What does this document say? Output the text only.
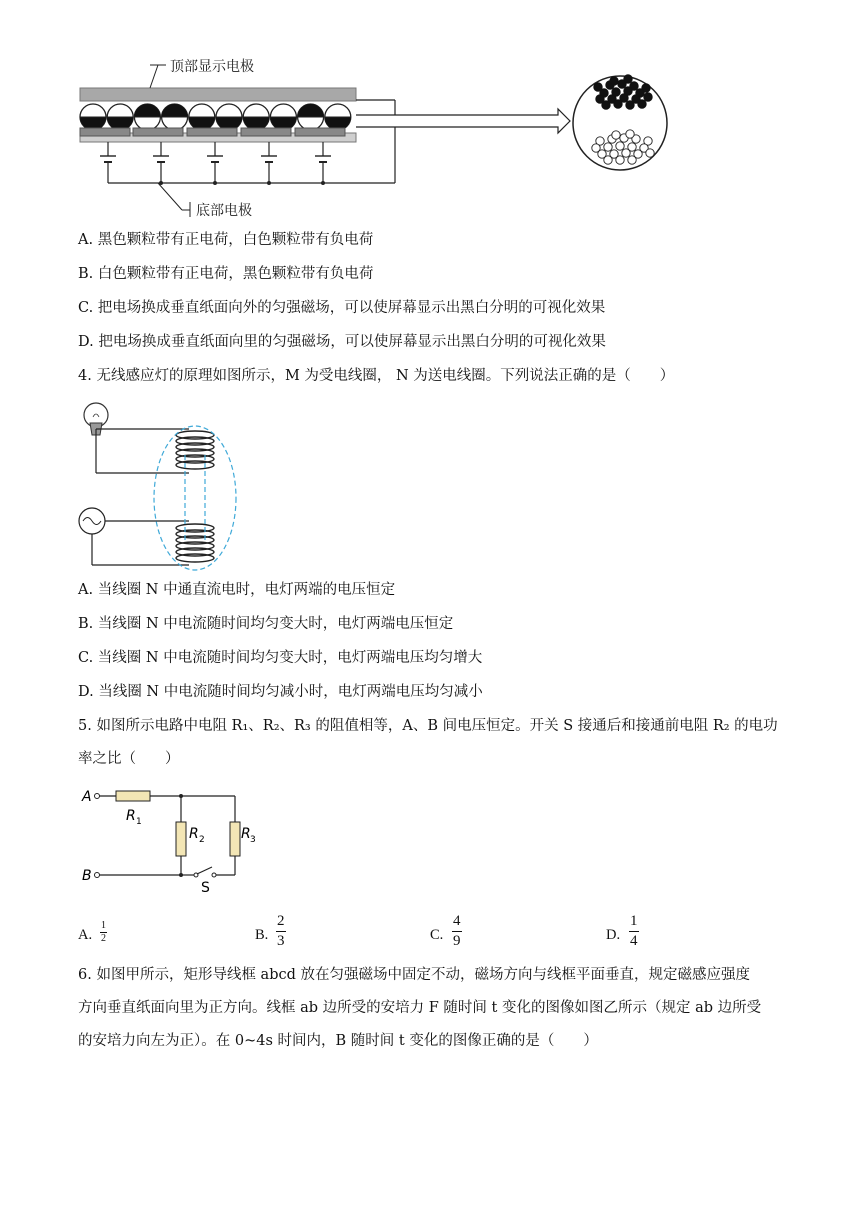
顶部显示电极
底部电极
A. 黑色颗粒带有正电荷，白色颗粒带有负电荷
B. 白色颗粒带有正电荷，黑色颗粒带有负电荷
C. 把电场换成垂直纸面向外的匀强磁场，可以使屏幕显示出黑白分明的可视化效果
D. 把电场换成垂直纸面向里的匀强磁场，可以使屏幕显示出黑白分明的可视化效果
4. 无线感应灯的原理如图所示，M 为受电线圈， N 为送电线圈。下列说法正确的是（　　）
A. 当线圈 N 中通直流电时，电灯两端的电压恒定
B. 当线圈 N 中电流随时间均匀变大时，电灯两端电压恒定
C. 当线圈 N 中电流随时间均匀变大时，电灯两端电压均匀增大
D. 当线圈 N 中电流随时间均匀减小时，电灯两端电压均匀减小
5. 如图所示电路中电阻 R₁、R₂、R₃ 的阻值相等，A、B 间电压恒定。开关 S 接通后和接通前电阻 R₂ 的电功
率之比（　　）
A
R 1
R 2	R 3
B
S
A. $\frac{1}{2}$	B. $\frac{2}{3}$	C. $\frac{4}{9}$	D. $\frac{1}{4}$
6. 如图甲所示，矩形导线框 abcd 放在匀强磁场中固定不动，磁场方向与线框平面垂直，规定磁感应强度
方向垂直纸面向里为正方向。线框 ab 边所受的安培力 F 随时间 t 变化的图像如图乙所示（规定 ab 边所受
的安培力向左为正）。在 0~4s 时间内，B 随时间 t 变化的图像正确的是（　　）
